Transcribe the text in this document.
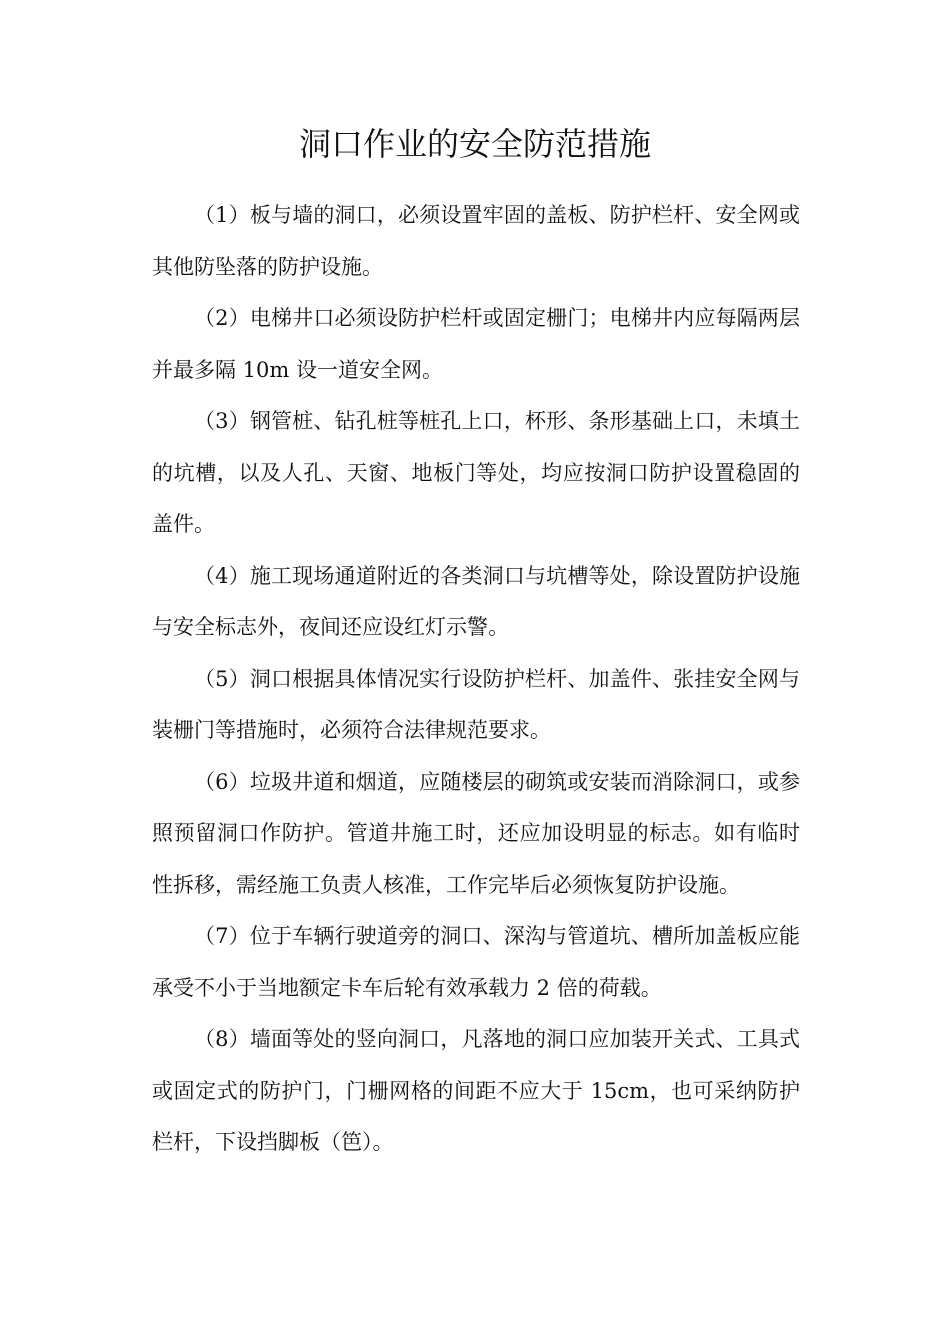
洞口作业的安全防范措施

（1）板与墙的洞口，必须设置牢固的盖板、防护栏杆、安全网或其他防坠落的防护设施。

（2）电梯井口必须设防护栏杆或固定栅门；电梯井内应每隔两层并最多隔 10m 设一道安全网。

（3）钢管桩、钻孔桩等桩孔上口，杯形、条形基础上口，未填土的坑槽，以及人孔、天窗、地板门等处，均应按洞口防护设置稳固的盖件。

（4）施工现场通道附近的各类洞口与坑槽等处，除设置防护设施与安全标志外，夜间还应设红灯示警。

（5）洞口根据具体情况实行设防护栏杆、加盖件、张挂安全网与装栅门等措施时，必须符合法律规范要求。

（6）垃圾井道和烟道，应随楼层的砌筑或安装而消除洞口，或参照预留洞口作防护。管道井施工时，还应加设明显的标志。如有临时性拆移，需经施工负责人核准，工作完毕后必须恢复防护设施。

（7）位于车辆行驶道旁的洞口、深沟与管道坑、槽所加盖板应能承受不小于当地额定卡车后轮有效承载力 2 倍的荷载。

（8）墙面等处的竖向洞口，凡落地的洞口应加装开关式、工具式或固定式的防护门，门栅网格的间距不应大于 15cm，也可采纳防护栏杆，下设挡脚板（笆）。
